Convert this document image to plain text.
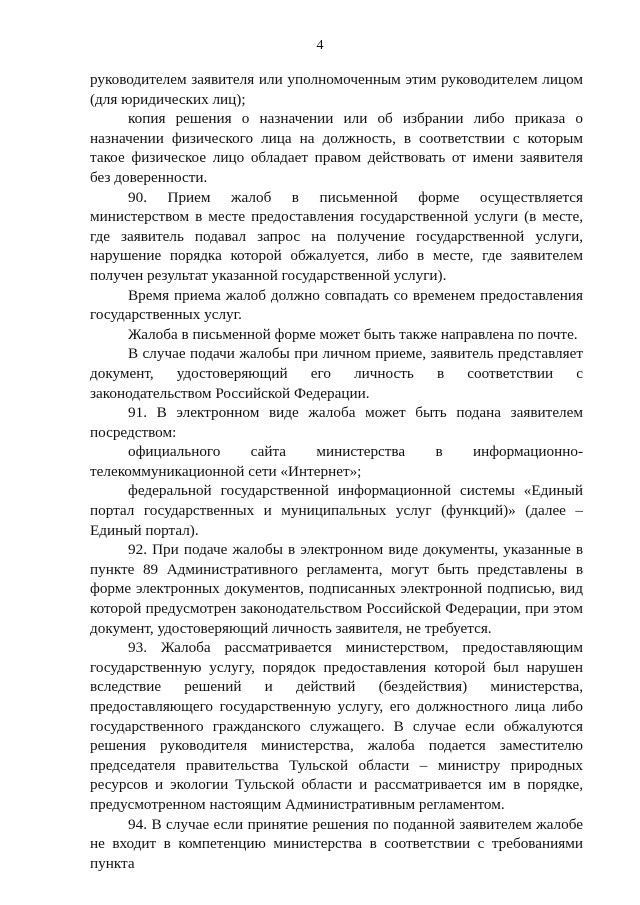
4

руководителем заявителя или уполномоченным этим руководителем лицом (для юридических лиц);

копия решения о назначении или об избрании либо приказа о назначении физического лица на должность, в соответствии с которым такое физическое лицо обладает правом действовать от имени заявителя без доверенности.

90. Прием жалоб в письменной форме осуществляется министерством в месте предоставления государственной услуги (в месте, где заявитель подавал запрос на получение государственной услуги, нарушение порядка которой обжалуется, либо в месте, где заявителем получен результат указанной государственной услуги).

Время приема жалоб должно совпадать со временем предоставления государственных услуг.

Жалоба в письменной форме может быть также направлена по почте.

В случае подачи жалобы при личном приеме, заявитель представляет документ, удостоверяющий его личность в соответствии с законодательством Российской Федерации.

91. В электронном виде жалоба может быть подана заявителем посредством:

официального сайта министерства в информационно-телекоммуникационной сети «Интернет»;

федеральной государственной информационной системы «Единый портал государственных и муниципальных услуг (функций)» (далее – Единый портал).

92. При подаче жалобы в электронном виде документы, указанные в пункте 89 Административного регламента, могут быть представлены в форме электронных документов, подписанных электронной подписью, вид которой предусмотрен законодательством Российской Федерации, при этом документ, удостоверяющий личность заявителя, не требуется.

93. Жалоба рассматривается министерством, предоставляющим государственную услугу, порядок предоставления которой был нарушен вследствие решений и действий (бездействия) министерства, предоставляющего государственную услугу, его должностного лица либо государственного гражданского служащего. В случае если обжалуются решения руководителя министерства, жалоба подается заместителю председателя правительства Тульской области – министру природных ресурсов и экологии Тульской области и рассматривается им в порядке, предусмотренном настоящим Административным регламентом.

94. В случае если принятие решения по поданной заявителем жалобе не входит в компетенцию министерства в соответствии с требованиями пункта
